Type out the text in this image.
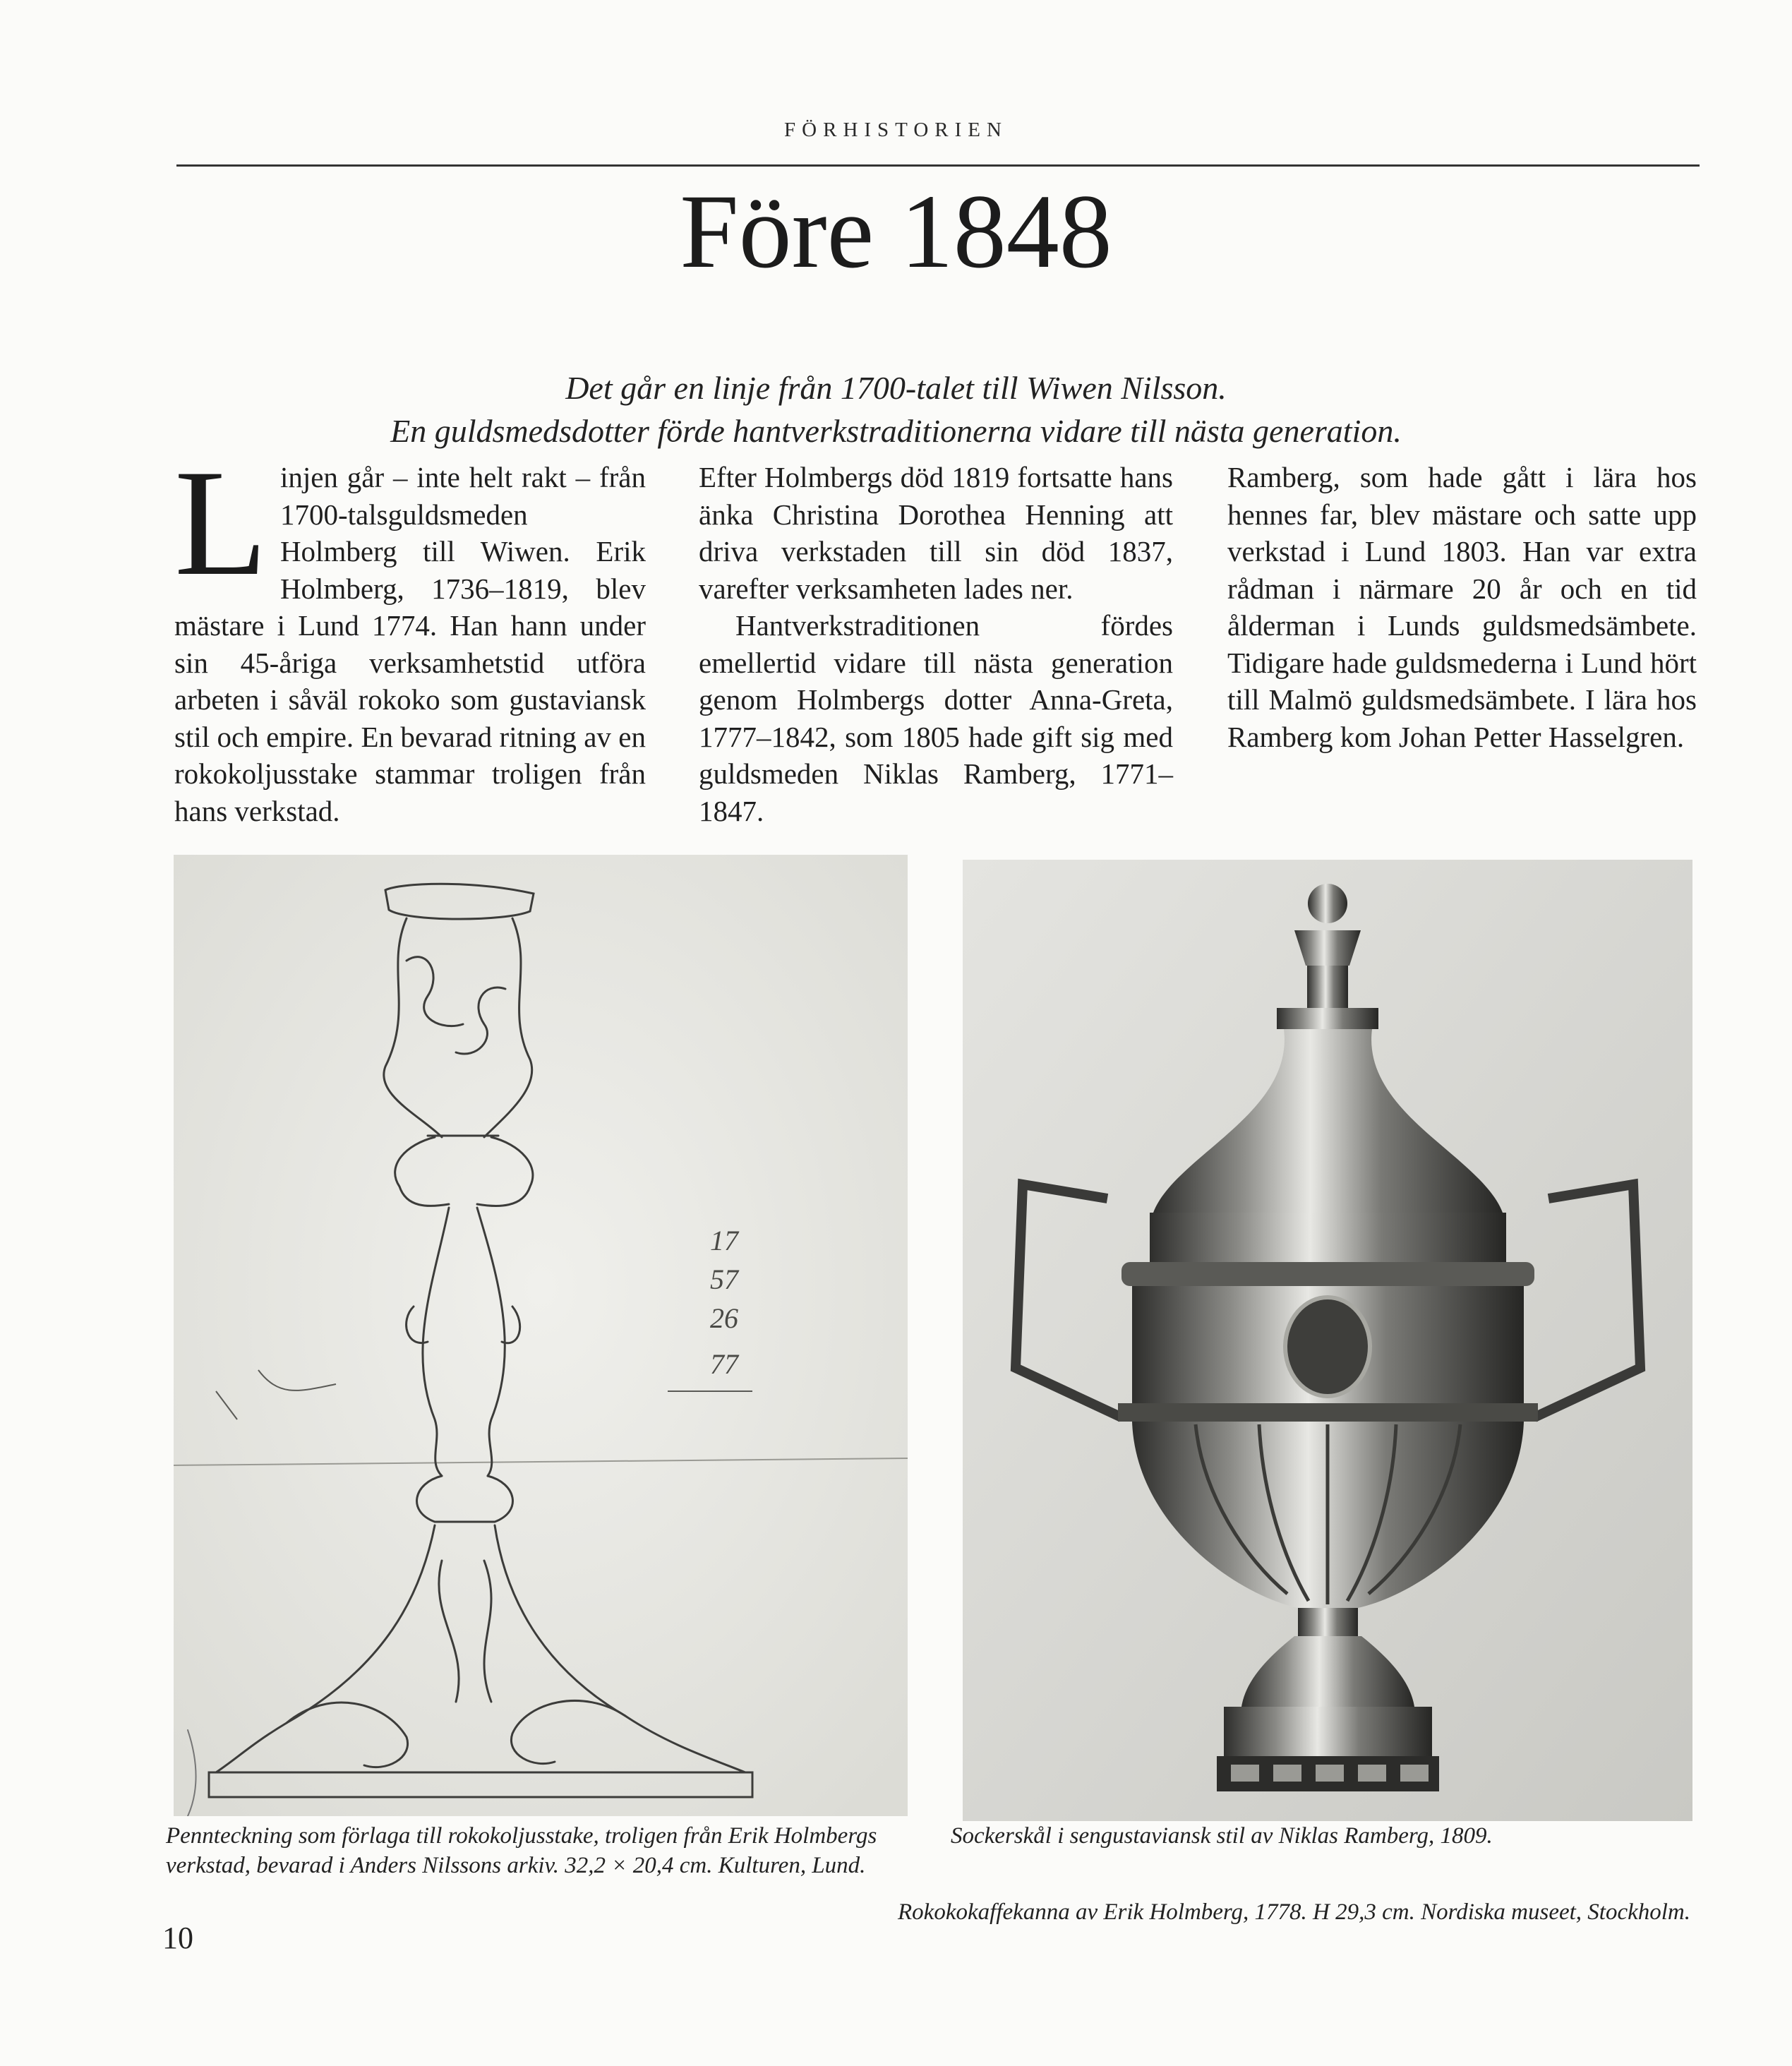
FÖRHISTORIEN
Före 1848
Det går en linje från 1700-talet till Wiwen Nilsson.
En guldsmedsdotter förde hantverkstraditionerna vidare till nästa generation.
L injen går – inte helt rakt – från 1700-talsguldsmeden Holmberg till Wiwen. Erik Holmberg, 1736–1819, blev mästare i Lund 1774. Han hann under sin 45-åriga verksamhetstid utföra arbeten i såväl rokoko som gustaviansk stil och empire. En bevarad ritning av en rokokoljusstake stammar troligen från hans verkstad.

Efter Holmbergs död 1819 fortsatte hans änka Christina Dorothea Henning att driva verkstaden till sin död 1837, varefter verksamheten lades ner.

Hantverkstraditionen fördes emellertid vidare till nästa generation genom Holmbergs dotter Anna-Greta, 1777–1842, som 1805 hade gift sig med guldsmeden Niklas Ramberg, 1771–1847.

Ramberg, som hade gått i lära hos hennes far, blev mästare och satte upp verkstad i Lund 1803. Han var extra rådman i närmare 20 år och en tid ålderman i Lunds guldsmedsämbete. Tidigare hade guldsmederna i Lund hört till Malmö guldsmedsämbete. I lära hos Ramberg kom Johan Petter Hasselgren.

17
57
26
77
Pennteckning som förlaga till rokokoljusstake, troligen från Erik Holmbergs verkstad, bevarad i Anders Nilssons arkiv. 32,2 × 20,4 cm. Kulturen, Lund.
Sockerskål i sengustaviansk stil av Niklas Ramberg, 1809.
Rokokokaffekanna av Erik Holmberg, 1778. H 29,3 cm. Nordiska museet, Stockholm.
10
